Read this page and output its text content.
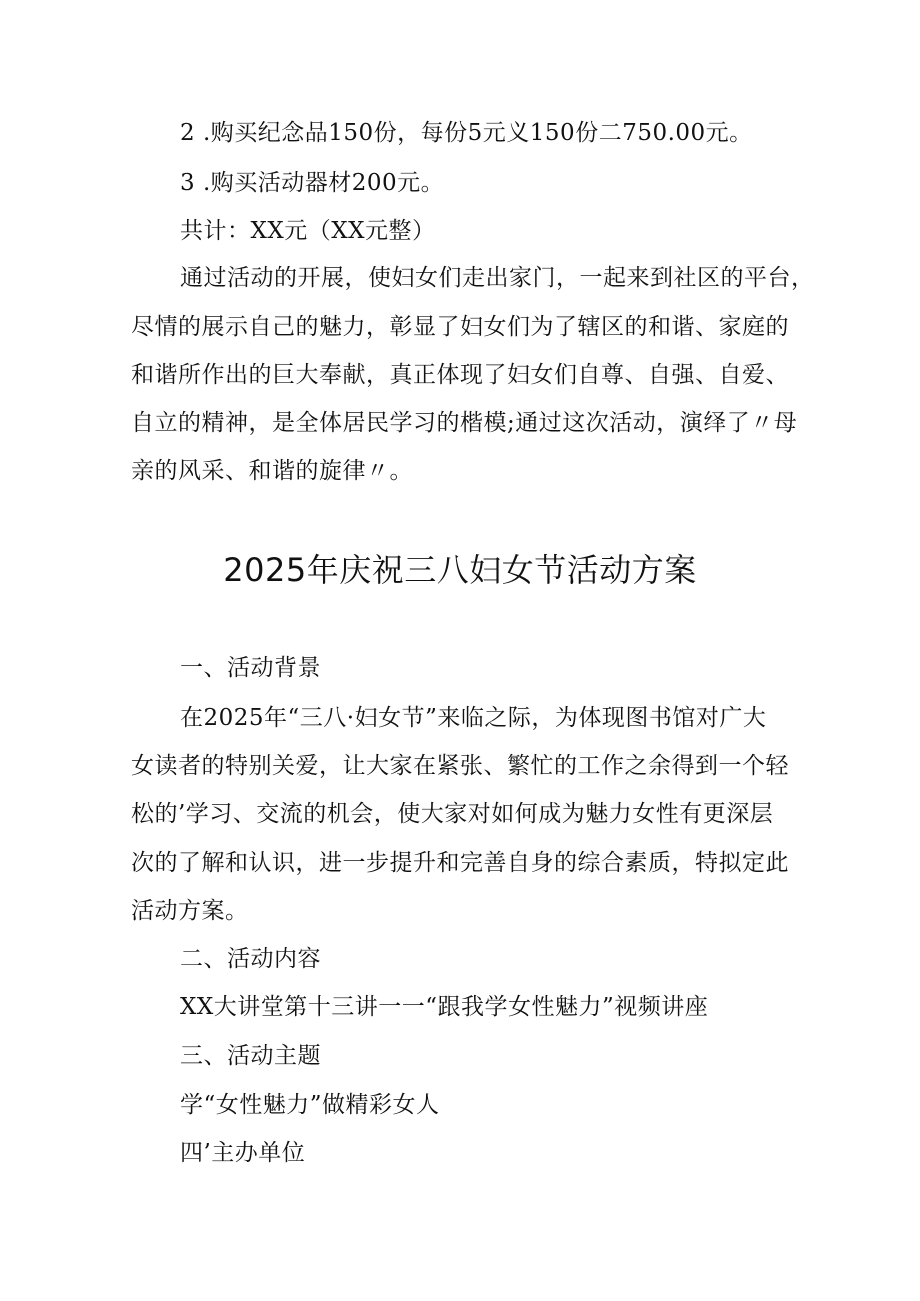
2 .购买纪念品150份，每份5元义150份二750.00元。
3 .购买活动器材200元。
共计：XX元（XX元整）
通过活动的开展，使妇女们走出家门，一起来到社区的平台，
尽情的展示自己的魅力，彰显了妇女们为了辖区的和谐、家庭的
和谐所作出的巨大奉献，真正体现了妇女们自尊、自强、自爱、
自立的精神，是全体居民学习的楷模;通过这次活动，演绎了〃母
亲的风采、和谐的旋律〃。
2025年庆祝三八妇女节活动方案
一、活动背景
在2025年“三八·妇女节”来临之际，为体现图书馆对广大
女读者的特别关爱，让大家在紧张、繁忙的工作之余得到一个轻
松的’学习、交流的机会，使大家对如何成为魅力女性有更深层
次的了解和认识，进一步提升和完善自身的综合素质，特拟定此
活动方案。
二、活动内容
XX大讲堂第十三讲一一“跟我学女性魅力”视频讲座
三、活动主题
学“女性魅力”做精彩女人
四’主办单位
